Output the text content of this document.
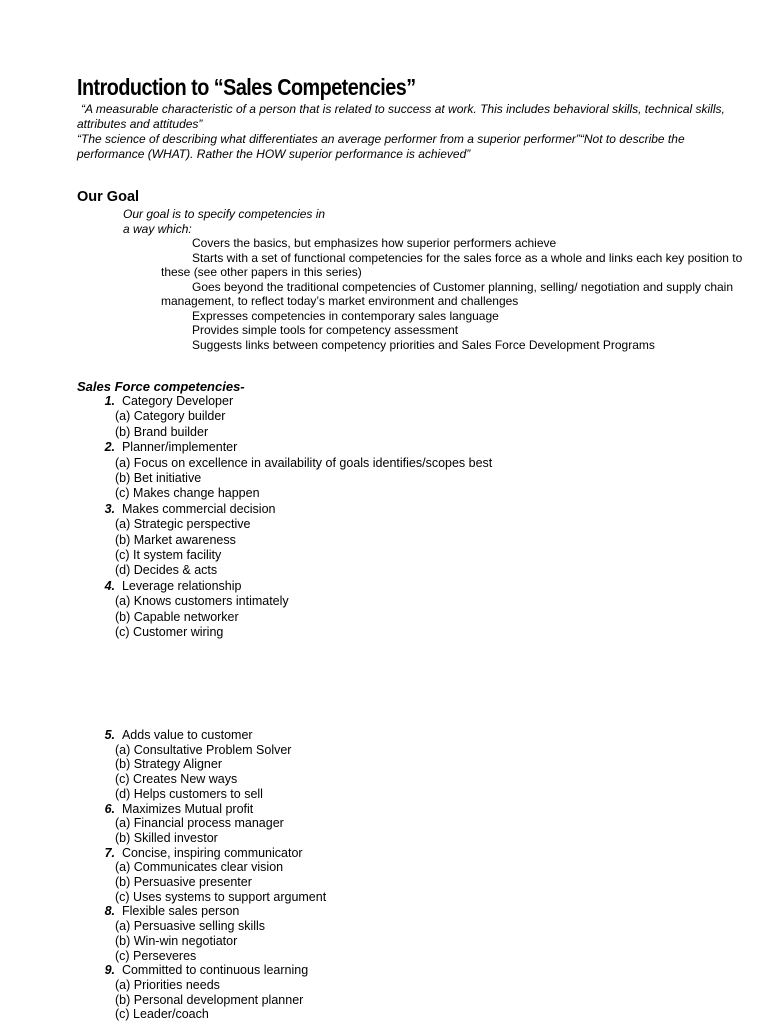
Introduction to “Sales Competencies”

“A measurable characteristic of a person that is related to success at work. This includes behavioral skills, technical skills, attributes and attitudes”

“The science of describing what differentiates an average performer from a superior performer”“Not to describe the performance (WHAT). Rather the HOW superior performance is achieved”

Our Goal
Our goal is to specify competencies in
a way which:
Covers the basics, but emphasizes how superior performers achieve
Starts with a set of functional competencies for the sales force as a whole and links each key position to these (see other papers in this series)
Goes beyond the traditional competencies of Customer planning, selling/ negotiation and supply chain management, to reflect today’s market environment and challenges
Expresses competencies in contemporary sales language
Provides simple tools for competency assessment
Suggests links between competency priorities and Sales Force Development Programs
Sales Force competencies-
1.
Category Developer
(a) Category builder
(b) Brand builder
2.
Planner/implementer
(a) Focus on excellence in availability of goals identifies/scopes best
(b) Bet initiative
(c) Makes change happen
3.
Makes commercial decision
(a) Strategic perspective
(b) Market awareness
(c) It system facility
(d) Decides & acts
4.
Leverage relationship
(a) Knows customers intimately
(b) Capable networker
(c) Customer wiring
5.
Adds value to customer
(a) Consultative Problem Solver
(b) Strategy Aligner
(c) Creates New ways
(d) Helps customers to sell
6.
Maximizes Mutual profit
(a) Financial process manager
(b) Skilled investor
7.
Concise, inspiring communicator
(a) Communicates clear vision
(b) Persuasive presenter
(c) Uses systems to support argument
8.
Flexible sales person
(a) Persuasive selling skills
(b) Win-win negotiator
(c) Perseveres
9.
Committed to continuous learning
(a) Priorities needs
(b) Personal development planner
(c) Leader/coach
